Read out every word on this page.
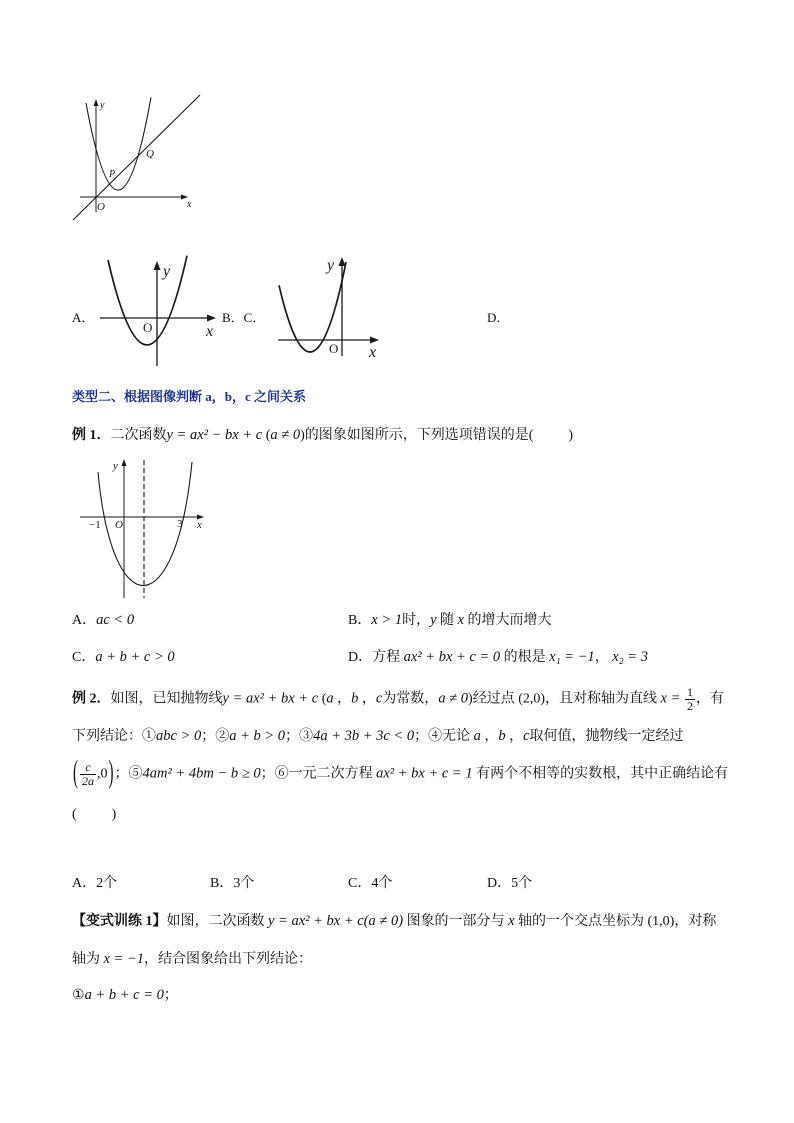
y
x
O
P
Q
y
O	x
y
O x
y
x
−1 O	3
A．	B．C．	D．
类型二、根据图像判断 a，b，c 之间关系
例 1．二次函数y = ax² − bx + c (a ≠ 0)的图象如图所示，下列选项错误的是(          )
A．ac < 0	B．x > 1时，y 随 x 的增大而增大
C．a + b + c > 0	D．方程 ax² + bx + c = 0 的根是 x₁ = −1， x₂ = 3
例 2．如图，已知抛物线y = ax² + bx + c (a ，b ，c为常数，a ≠ 0)经过点 (2,0)，且对称轴为直线 $x = \frac{1}{2}$ ，有
下列结论：①abc > 0；②a + b > 0；③4a + 3b + 3c < 0；④无论 a ，b ，c取何值，抛物线一定经过
( $\frac{c}{2a} ,0$)；⑤4am² + 4bm − b ≥ 0；⑥一元二次方程 ax² + bx + c = 1 有两个不相等的实数根，其中正确结论有
(          )
A．2个	B．3个	C．4个	D．5个
【变式训练 1】如图，二次函数 y = ax² + bx + c(a ≠ 0) 图象的一部分与 x 轴的一个交点坐标为 (1,0)，对称
轴为 x = −1，结合图象给出下列结论：
①a + b + c = 0；
